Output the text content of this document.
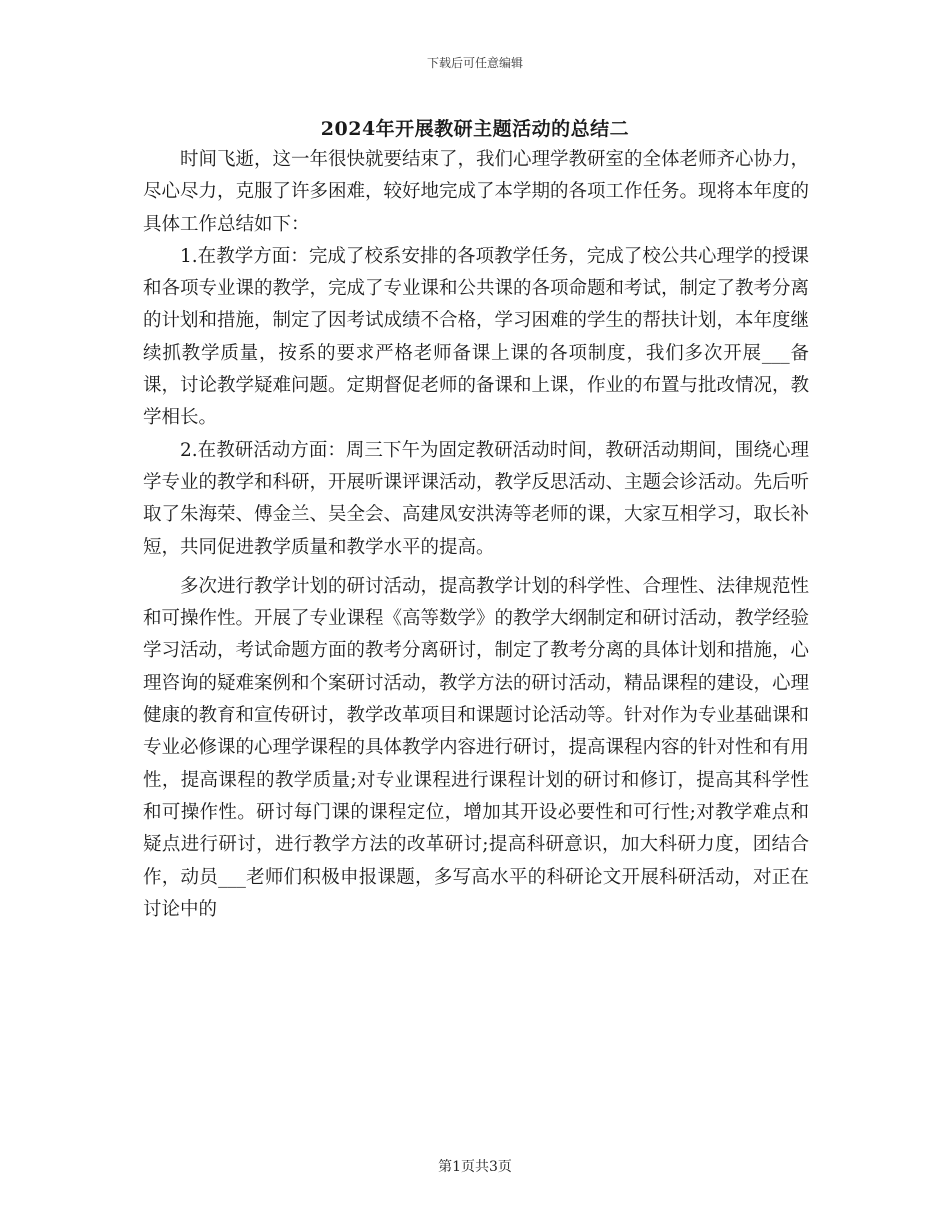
下载后可任意编辑
2024年开展教研主题活动的总结二

时间飞逝，这一年很快就要结束了，我们心理学教研室的全体老师齐心协力，尽心尽力，克服了许多困难，较好地完成了本学期的各项工作任务。现将本年度的具体工作总结如下：

1.在教学方面：完成了校系安排的各项教学任务，完成了校公共心理学的授课和各项专业课的教学，完成了专业课和公共课的各项命题和考试，制定了教考分离的计划和措施，制定了因考试成绩不合格，学习困难的学生的帮扶计划，本年度继续抓教学质量，按系的要求严格老师备课上课的各项制度，我们多次开展___备课，讨论教学疑难问题。定期督促老师的备课和上课，作业的布置与批改情况，教学相长。

2.在教研活动方面：周三下午为固定教研活动时间，教研活动期间，围绕心理学专业的教学和科研，开展听课评课活动，教学反思活动、主题会诊活动。先后听取了朱海荣、傅金兰、吴全会、高建凤安洪涛等老师的课，大家互相学习，取长补短，共同促进教学质量和教学水平的提高。

多次进行教学计划的研讨活动，提高教学计划的科学性、合理性、法律规范性和可操作性。开展了专业课程《高等数学》的教学大纲制定和研讨活动，教学经验学习活动，考试命题方面的教考分离研讨，制定了教考分离的具体计划和措施，心理咨询的疑难案例和个案研讨活动，教学方法的研讨活动，精品课程的建设，心理健康的教育和宣传研讨，教学改革项目和课题讨论活动等。针对作为专业基础课和专业必修课的心理学课程的具体教学内容进行研讨，提高课程内容的针对性和有用性，提高课程的教学质量;对专业课程进行课程计划的研讨和修订，提高其科学性和可操作性。研讨每门课的课程定位，增加其开设必要性和可行性;对教学难点和疑点进行研讨，进行教学方法的改革研讨;提高科研意识，加大科研力度，团结合作，动员___老师们积极申报课题，多写高水平的科研论文开展科研活动，对正在讨论中的

第1页共3页
